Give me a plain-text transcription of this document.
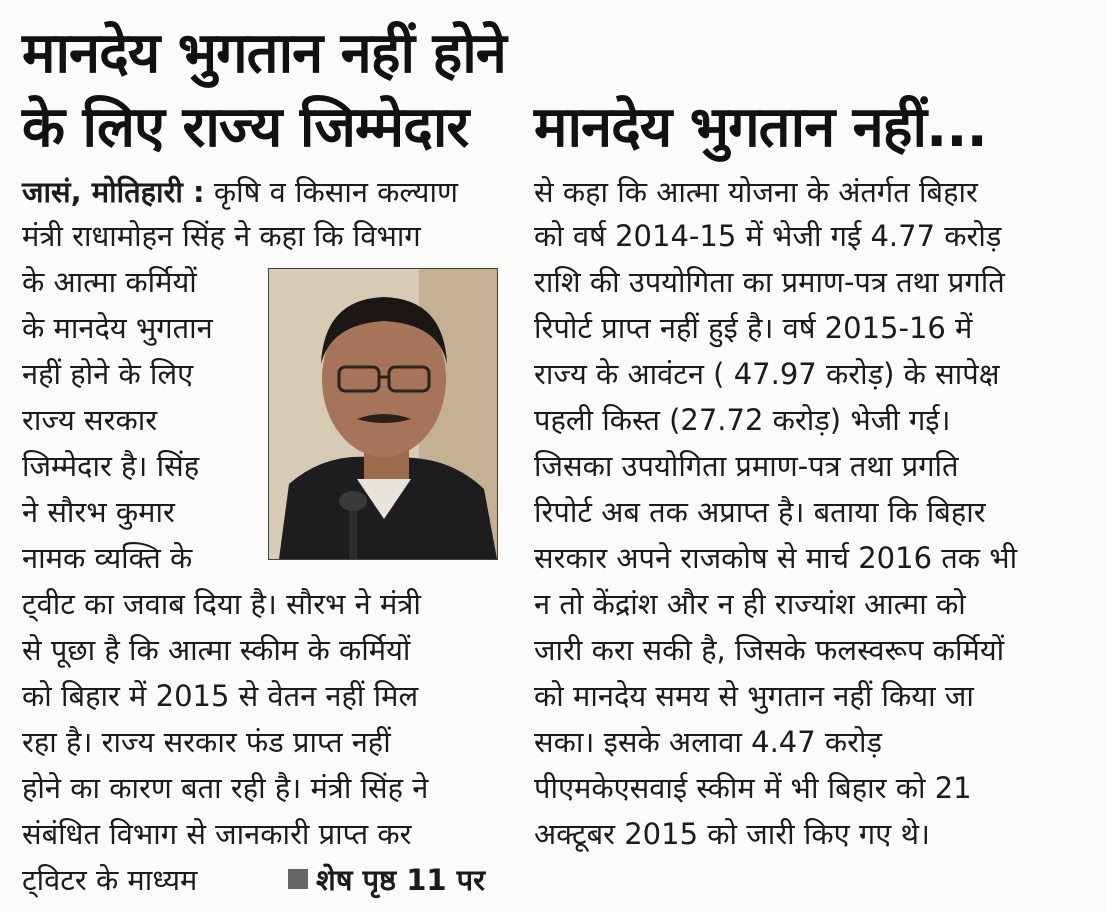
मानदेय भुगतान नहीं होने
के लिए राज्य जिम्मेदार मानदेय भुगतान नहीं...
जासं, मोतिहारी : कृषि व किसान कल्याण
मंत्री राधामोहन सिंह ने कहा कि विभाग
के आत्मा कर्मियों
के मानदेय भुगतान
नहीं होने के लिए
राज्य सरकार
जिम्मेदार है। सिंह
ने सौरभ कुमार
नामक व्यक्ति के
ट्वीट का जवाब दिया है। सौरभ ने मंत्री
से पूछा है कि आत्मा स्कीम के कर्मियों
को बिहार में 2015 से वेतन नहीं मिल
रहा है। राज्य सरकार फंड प्राप्त नहीं
होने का कारण बता रही है। मंत्री सिंह ने
संबंधित विभाग से जानकारी प्राप्त कर
ट्विटर के माध्यम	शेष पृष्ठ 11 पर
से कहा कि आत्मा योजना के अंतर्गत बिहार
को वर्ष 2014-15 में भेजी गई 4.77 करोड़
राशि की उपयोगिता का प्रमाण-पत्र तथा प्रगति
रिपोर्ट प्राप्त नहीं हुई है। वर्ष 2015-16 में
राज्य के आवंटन ( 47.97 करोड़) के सापेक्ष
पहली किस्त (27.72 करोड़) भेजी गई।
जिसका उपयोगिता प्रमाण-पत्र तथा प्रगति
रिपोर्ट अब तक अप्राप्त है। बताया कि बिहार
सरकार अपने राजकोष से मार्च 2016 तक भी
न तो केंद्रांश और न ही राज्यांश आत्मा को
जारी करा सकी है, जिसके फलस्वरूप कर्मियों
को मानदेय समय से भुगतान नहीं किया जा
सका। इसके अलावा 4.47 करोड़
पीएमकेएसवाई स्कीम में भी बिहार को 21
अक्टूबर 2015 को जारी किए गए थे।
